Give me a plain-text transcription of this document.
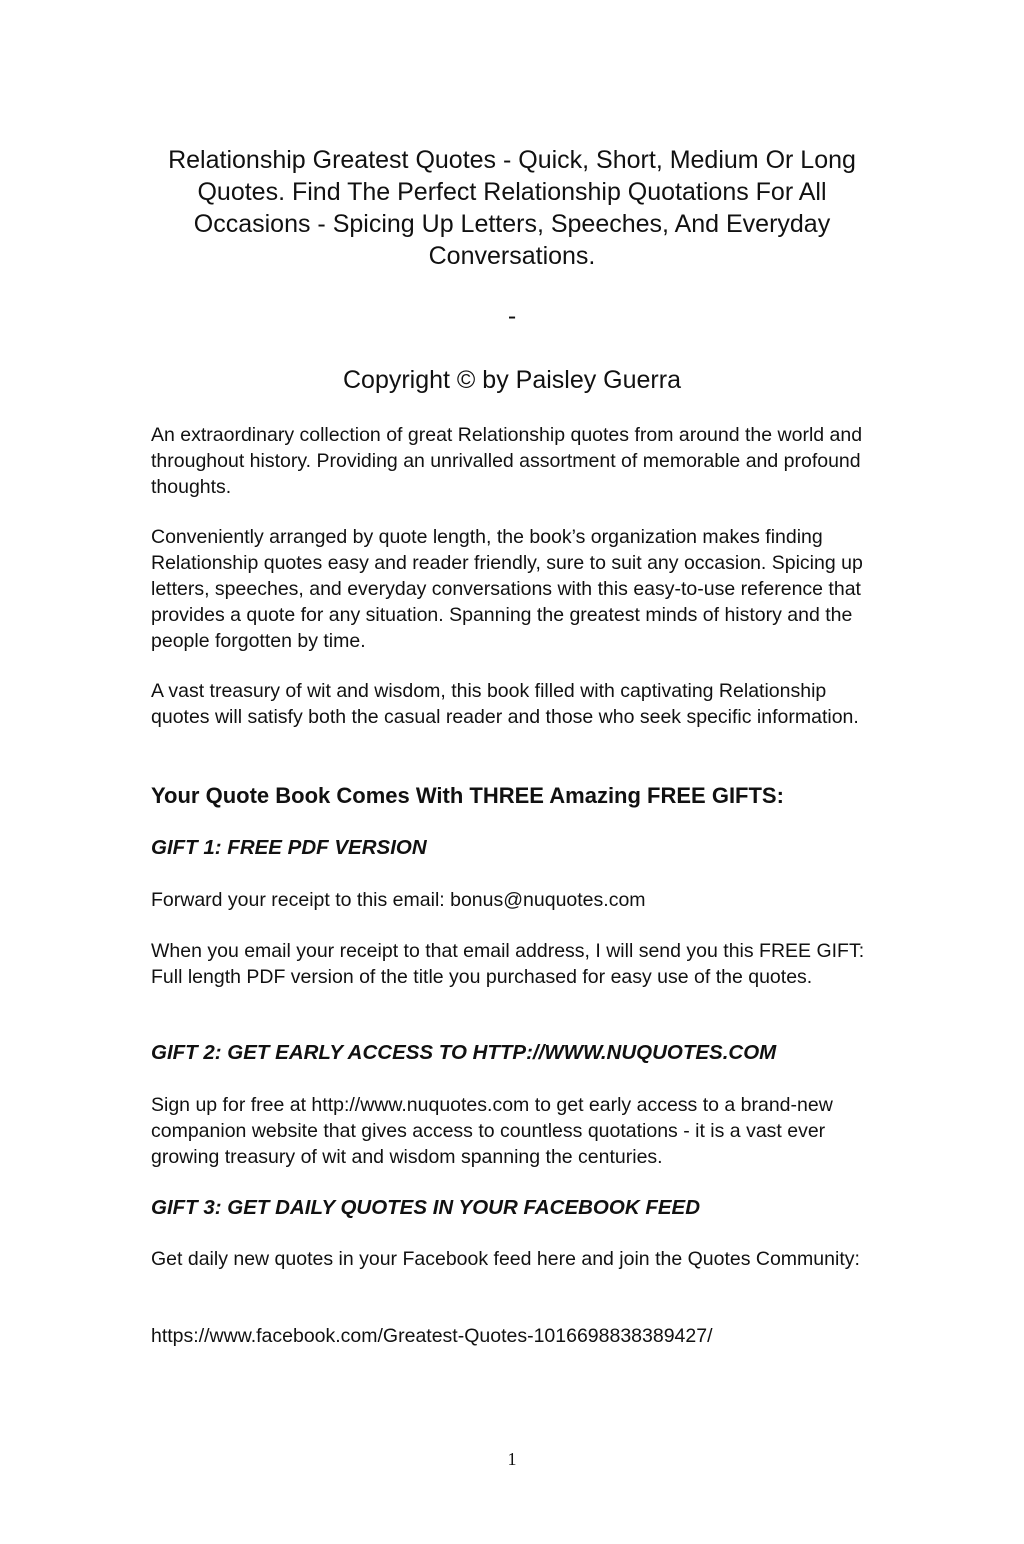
Relationship Greatest Quotes - Quick, Short, Medium Or Long Quotes. Find The Perfect Relationship Quotations For All Occasions - Spicing Up Letters, Speeches, And Everyday Conversations.
-
Copyright © by Paisley Guerra

An extraordinary collection of great Relationship quotes from around the world and throughout history. Providing an unrivalled assortment of memorable and profound thoughts.

Conveniently arranged by quote length, the book’s organization makes finding Relationship quotes easy and reader friendly, sure to suit any occasion. Spicing up letters, speeches, and everyday conversations with this easy-to-use reference that provides a quote for any situation. Spanning the greatest minds of history and the people forgotten by time.

A vast treasury of wit and wisdom, this book filled with captivating Relationship quotes will satisfy both the casual reader and those who seek specific information.

Your Quote Book Comes With THREE Amazing FREE GIFTS:
GIFT 1: FREE PDF VERSION

Forward your receipt to this email: bonus@nuquotes.com

When you email your receipt to that email address, I will send you this FREE GIFT: Full length PDF version of the title you purchased for easy use of the quotes.

GIFT 2: GET EARLY ACCESS TO HTTP://WWW.NUQUOTES.COM

Sign up for free at http://www.nuquotes.com to get early access to a brand-new companion website that gives access to countless quotations - it is a vast ever growing treasury of wit and wisdom spanning the centuries.

GIFT 3: GET DAILY QUOTES IN YOUR FACEBOOK FEED

Get daily new quotes in your Facebook feed here and join the Quotes Community:

https://www.facebook.com/Greatest-Quotes-1016698838389427/

1
